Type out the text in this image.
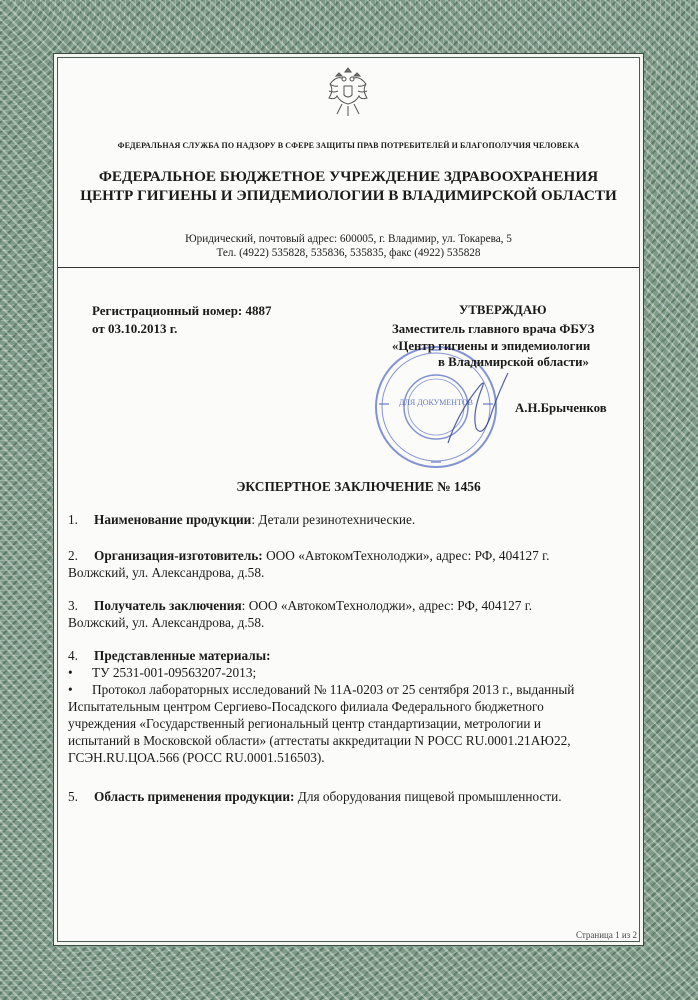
ФЕДЕРАЛЬНАЯ СЛУЖБА ПО НАДЗОРУ В СФЕРЕ ЗАЩИТЫ ПРАВ ПОТРЕБИТЕЛЕЙ И БЛАГОПОЛУЧИЯ ЧЕЛОВЕКА
ФЕДЕРАЛЬНОЕ БЮДЖЕТНОЕ УЧРЕЖДЕНИЕ ЗДРАВООХРАНЕНИЯ
ЦЕНТР ГИГИЕНЫ И ЭПИДЕМИОЛОГИИ В ВЛАДИМИРСКОЙ ОБЛАСТИ
Юридический, почтовый адрес: 600005, г. Владимир, ул. Токарева, 5
Тел. (4922) 535828, 535836, 535835, факс (4922) 535828
Регистрационный номер: 4887
от 03.10.2013 г.
ДЛЯ ДОКУМЕНТОВ
УТВЕРЖДАЮ
Заместитель главного врача ФБУЗ
«Центр гигиены и эпидемиологии
в Владимирской области»
А.Н.Брыченков
ЭКСПЕРТНОЕ ЗАКЛЮЧЕНИЕ № 1456
1. Наименование продукции: Детали резинотехнические.
2. Организация-изготовитель: ООО «АвтокомТехнолоджи», адрес: РФ, 404127 г.
Волжский, ул. Александрова, д.58.
3. Получатель заключения: ООО «АвтокомТехнолоджи», адрес: РФ, 404127 г.
Волжский, ул. Александрова, д.58.
4. Представленные материалы:
• ТУ 2531-001-09563207-2013;
• Протокол лабораторных исследований № 11А-0203 от 25 сентября 2013 г., выданный
Испытательным центром Сергиево-Посадского филиала Федерального бюджетного
учреждения «Государственный региональный центр стандартизации, метрологии и
испытаний в Московской области» (аттестаты аккредитации N РОСС RU.0001.21АЮ22,
ГСЭН.RU.ЦОА.566 (РОСС RU.0001.516503).
5. Область применения продукции: Для оборудования пищевой промышленности.
Страница 1 из 2
